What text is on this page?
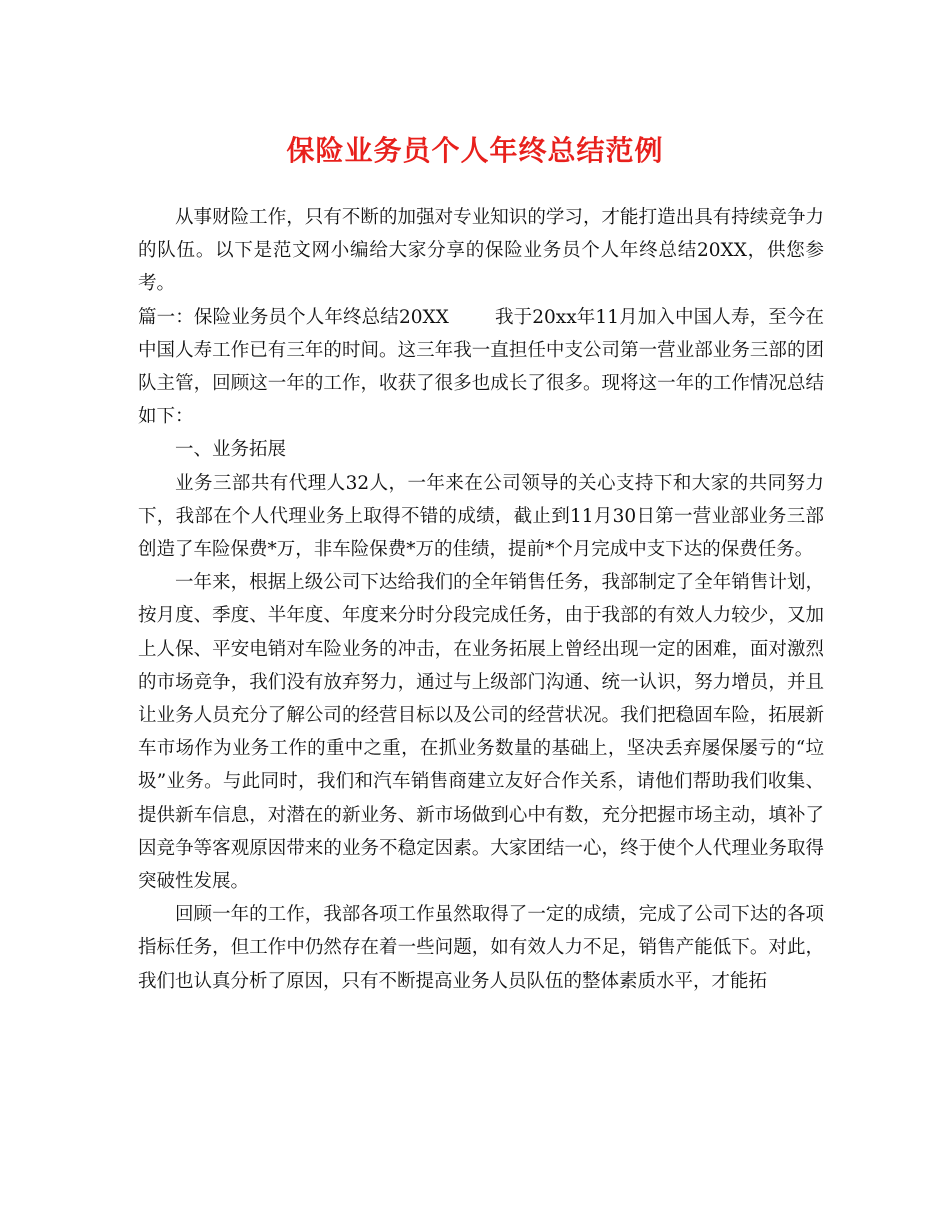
保险业务员个人年终总结范例

从事财险工作，只有不断的加强对专业知识的学习，才能打造出具有持续竞争力的队伍。以下是范文网小编给大家分享的保险业务员个人年终总结20XX，供您参考。

篇一：保险业务员个人年终总结20XX 我于20xx年11月加入中国人寿，至今在中国人寿工作已有三年的时间。这三年我一直担任中支公司第一营业部业务三部的团队主管，回顾这一年的工作，收获了很多也成长了很多。现将这一年的工作情况总结如下：

一、业务拓展

业务三部共有代理人32人，一年来在公司领导的关心支持下和大家的共同努力下，我部在个人代理业务上取得不错的成绩，截止到11月30日第一营业部业务三部创造了车险保费*万，非车险保费*万的佳绩，提前*个月完成中支下达的保费任务。

一年来，根据上级公司下达给我们的全年销售任务，我部制定了全年销售计划，按月度、季度、半年度、年度来分时分段完成任务，由于我部的有效人力较少，又加上人保、平安电销对车险业务的冲击，在业务拓展上曾经出现一定的困难，面对激烈的市场竞争，我们没有放弃努力，通过与上级部门沟通、统一认识，努力增员，并且让业务人员充分了解公司的经营目标以及公司的经营状况。我们把稳固车险，拓展新车市场作为业务工作的重中之重，在抓业务数量的基础上，坚决丢弃屡保屡亏的“垃圾”业务。与此同时，我们和汽车销售商建立友好合作关系，请他们帮助我们收集、提供新车信息，对潜在的新业务、新市场做到心中有数，充分把握市场主动，填补了因竞争等客观原因带来的业务不稳定因素。大家团结一心，终于使个人代理业务取得突破性发展。

回顾一年的工作，我部各项工作虽然取得了一定的成绩，完成了公司下达的各项指标任务，但工作中仍然存在着一些问题，如有效人力不足，销售产能低下。对此，我们也认真分析了原因，只有不断提高业务人员队伍的整体素质水平，才能拓
